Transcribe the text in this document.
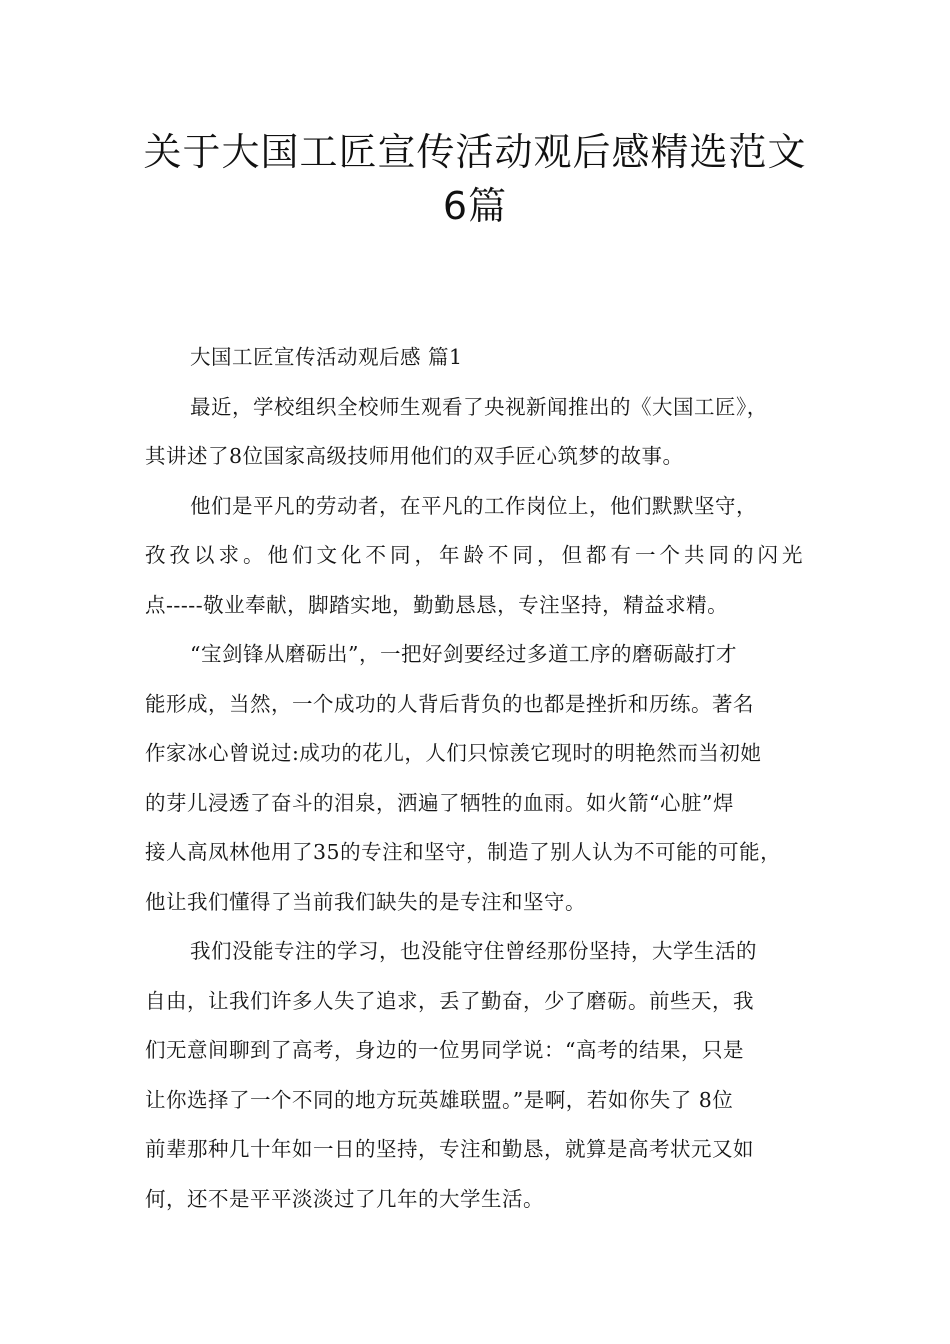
关于大国工匠宣传活动观后感精选范文
6篇
大国工匠宣传活动观后感 篇1
最近，学校组织全校师生观看了央视新闻推出的《大国工匠》，
其讲述了8位国家高级技师用他们的双手匠心筑梦的故事。
他们是平凡的劳动者，在平凡的工作岗位上，他们默默坚守，
孜孜以求。他们文化不同，年龄不同，但都有一个共同的闪光
点-----敬业奉献，脚踏实地，勤勤恳恳，专注坚持，精益求精。
“宝剑锋从磨砺出”，一把好剑要经过多道工序的磨砺敲打才
能形成，当然，一个成功的人背后背负的也都是挫折和历练。著名
作家冰心曾说过:成功的花儿，人们只惊羡它现时的明艳然而当初她
的芽儿浸透了奋斗的泪泉，洒遍了牺牲的血雨。如火箭“心脏”焊
接人高凤林他用了35的专注和坚守，制造了别人认为不可能的可能，
他让我们懂得了当前我们缺失的是专注和坚守。
我们没能专注的学习，也没能守住曾经那份坚持，大学生活的
自由，让我们许多人失了追求，丢了勤奋，少了磨砺。前些天，我
们无意间聊到了高考，身边的一位男同学说：“高考的结果，只是
让你选择了一个不同的地方玩英雄联盟。”是啊，若如你失了 8位
前辈那种几十年如一日的坚持，专注和勤恳，就算是高考状元又如
何，还不是平平淡淡过了几年的大学生活。
